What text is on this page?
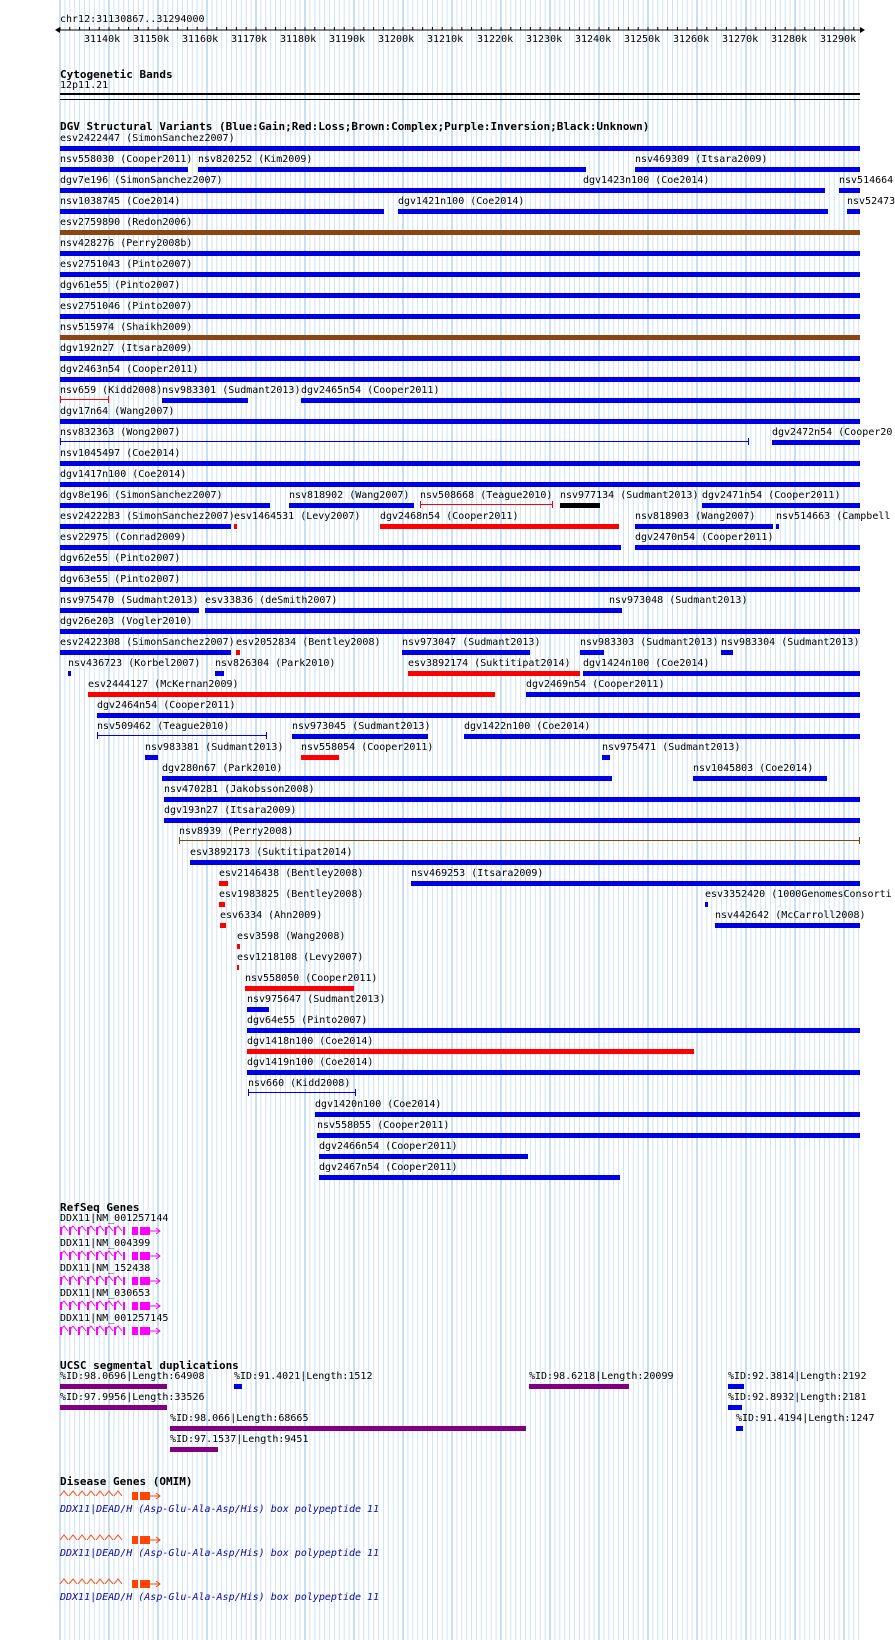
chr12:31130867..31294000
31140k 31150k 31160k 31170k 31180k 31190k 31200k 31210k 31220k 31230k 31240k 31250k 31260k 31270k 31280k 31290k
Cytogenetic Bands
12p11.21
DGV Structural Variants (Blue:Gain;Red:Loss;Brown:Complex;Purple:Inversion;Black:Unknown)
esv2422447 (SimonSanchez2007)
nsv558030 (Cooper2011) nsv820252 (Kim2009)	nsv469309 (Itsara2009)
dgv7e196 (SimonSanchez2007)	dgv1423n100 (Coe2014)	nsv514664
nsv1038745 (Coe2014)	dgv1421n100 (Coe2014)	nsv52473
esv2759890 (Redon2006)
nsv428276 (Perry2008b)
esv2751043 (Pinto2007)
dgv61e55 (Pinto2007)
esv2751046 (Pinto2007)
nsv515974 (Shaikh2009)
dgv192n27 (Itsara2009)
dgv2463n54 (Cooper2011)
nsv659 (Kidd2008) nsv983301 (Sudmant2013) dgv2465n54 (Cooper2011)
dgv17n64 (Wang2007)
nsv832363 (Wong2007)	dgv2472n54 (Cooper20
nsv1045497 (Coe2014)
dgv1417n100 (Coe2014)
dgv8e196 (SimonSanchez2007)	nsv818902 (Wang2007) nsv508668 (Teague2010) nsv977134 (Sudmant2013) dgv2471n54 (Cooper2011)
esv2422283 (SimonSanchez2007) esv1464531 (Levy2007) dgv2468n54 (Cooper2011)	nsv818903 (Wang2007) nsv514663 (Campbell
esv22975 (Conrad2009)	dgv2470n54 (Cooper2011)
dgv62e55 (Pinto2007)
dgv63e55 (Pinto2007)
nsv975470 (Sudmant2013) esv33836 (deSmith2007)	nsv973048 (Sudmant2013)
dgv26e203 (Vogler2010)
esv2422308 (SimonSanchez2007) esv2052834 (Bentley2008) nsv973047 (Sudmant2013)	nsv983303 (Sudmant2013) nsv983304 (Sudmant2013)
nsv436723 (Korbel2007) nsv826304 (Park2010)	esv3892174 (Suktitipat2014) dgv1424n100 (Coe2014)
esv2444127 (McKernan2009)	dgv2469n54 (Cooper2011)
dgv2464n54 (Cooper2011)
nsv509462 (Teague2010)	nsv973045 (Sudmant2013)	dgv1422n100 (Coe2014)
nsv983381 (Sudmant2013) nsv558054 (Cooper2011)	nsv975471 (Sudmant2013)
dgv280n67 (Park2010)	nsv1045803 (Coe2014)
nsv470281 (Jakobsson2008)
dgv193n27 (Itsara2009)
nsv8939 (Perry2008)
esv3892173 (Suktitipat2014)
esv2146438 (Bentley2008)	nsv469253 (Itsara2009)
esv1983825 (Bentley2008)	esv3352420 (1000GenomesConsorti
esv6334 (Ahn2009)	nsv442642 (McCarroll2008)
esv3598 (Wang2008)
esv1218108 (Levy2007)
nsv558050 (Cooper2011)
nsv975647 (Sudmant2013)
dgv64e55 (Pinto2007)
dgv1418n100 (Coe2014)
dgv1419n100 (Coe2014)
nsv660 (Kidd2008)
dgv1420n100 (Coe2014)
nsv558055 (Cooper2011)
dgv2466n54 (Cooper2011)
dgv2467n54 (Cooper2011)
RefSeq Genes
DDX11|NM_001257144
DDX11|NM_004399
DDX11|NM_152438
DDX11|NM_030653
DDX11|NM_001257145
UCSC segmental duplications
%ID:98.0696|Length:64908	%ID:91.4021|Length:1512	%ID:98.6218|Length:20099	%ID:92.3814|Length:2192
%ID:97.9956|Length:33526	%ID:92.8932|Length:2181
%ID:98.066|Length:68665	%ID:91.4194|Length:1247
%ID:97.1537|Length:9451
Disease Genes (OMIM)
DDX11|DEAD/H (Asp-Glu-Ala-Asp/His) box polypeptide 11
DDX11|DEAD/H (Asp-Glu-Ala-Asp/His) box polypeptide 11
DDX11|DEAD/H (Asp-Glu-Ala-Asp/His) box polypeptide 11
